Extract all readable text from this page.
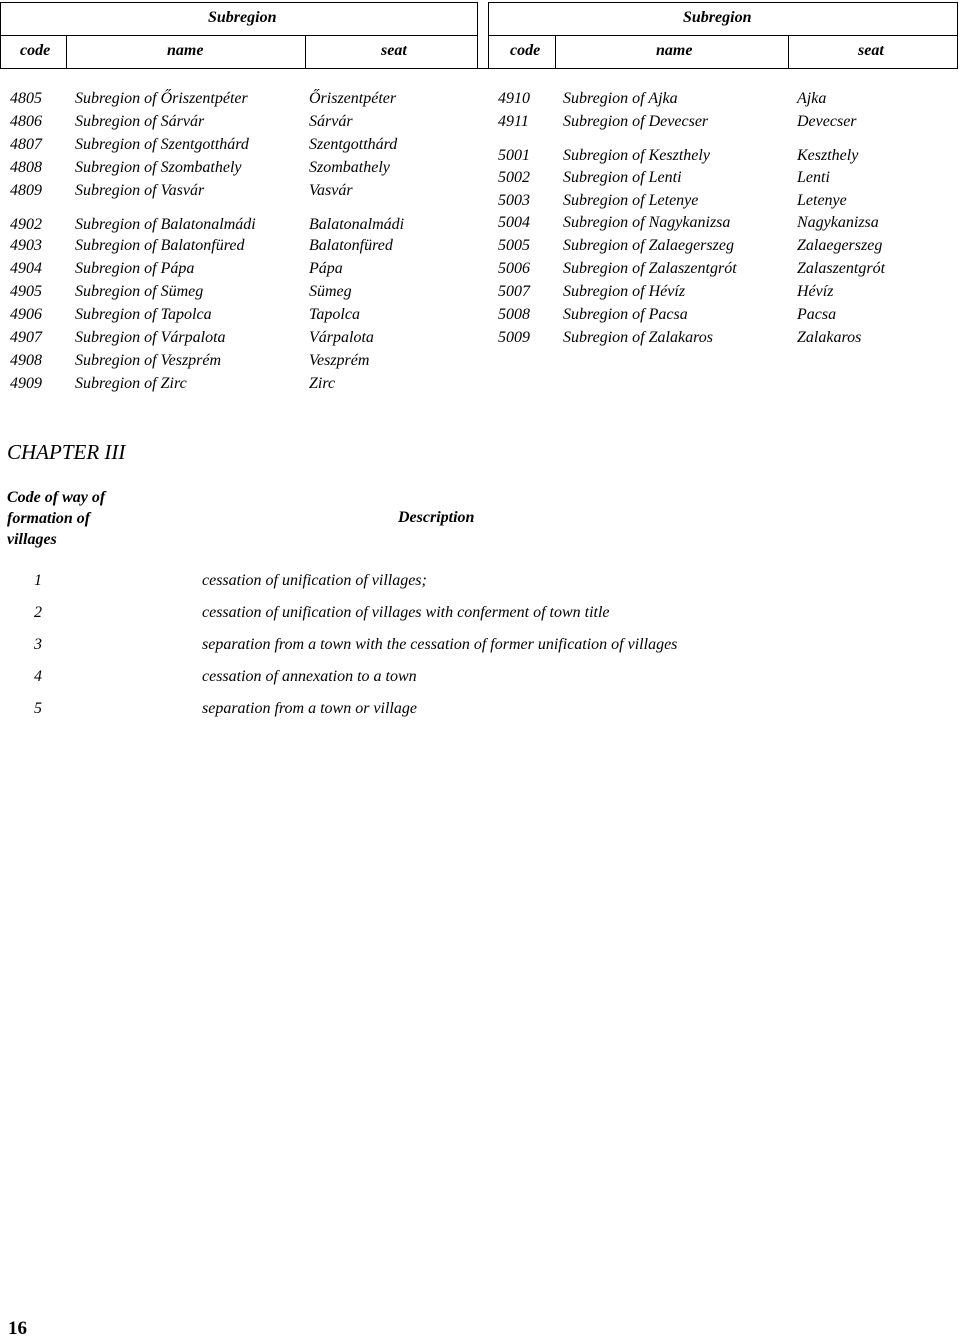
Subregion	Subregion
code	name	seat	code	name	seat
4805 Subregion of Őriszentpéter	Őriszentpéter
4806 Subregion of Sárvár	Sárvár
4807 Subregion of Szentgotthárd	Szentgotthárd
4808 Subregion of Szombathely	Szombathely
4809 Subregion of Vasvár	Vasvár
4902 Subregion of Balatonalmádi	Balatonalmádi
4903 Subregion of Balatonfüred	Balatonfüred
4904 Subregion of Pápa	Pápa
4905 Subregion of Sümeg	Sümeg
4906 Subregion of Tapolca	Tapolca
4907 Subregion of Várpalota	Várpalota
4908 Subregion of Veszprém	Veszprém
4909 Subregion of Zirc	Zirc
4910 Subregion of Ajka	Ajka
4911 Subregion of Devecser	Devecser
5001 Subregion of Keszthely	Keszthely
5002 Subregion of Lenti	Lenti
5003 Subregion of Letenye	Letenye
5004 Subregion of Nagykanizsa	Nagykanizsa
5005 Subregion of Zalaegerszeg	Zalaegerszeg
5006 Subregion of Zalaszentgrót	Zalaszentgrót
5007 Subregion of Hévíz	Hévíz
5008 Subregion of Pacsa	Pacsa
5009 Subregion of Zalakaros	Zalakaros
CHAPTER III
Code of way of
formation of
villages
Description
1	cessation of unification of villages;
2	cessation of unification of villages with conferment of town title
3	separation from a town with the cessation of former unification of villages
4	cessation of annexation to a town
5	separation from a town or village
16
